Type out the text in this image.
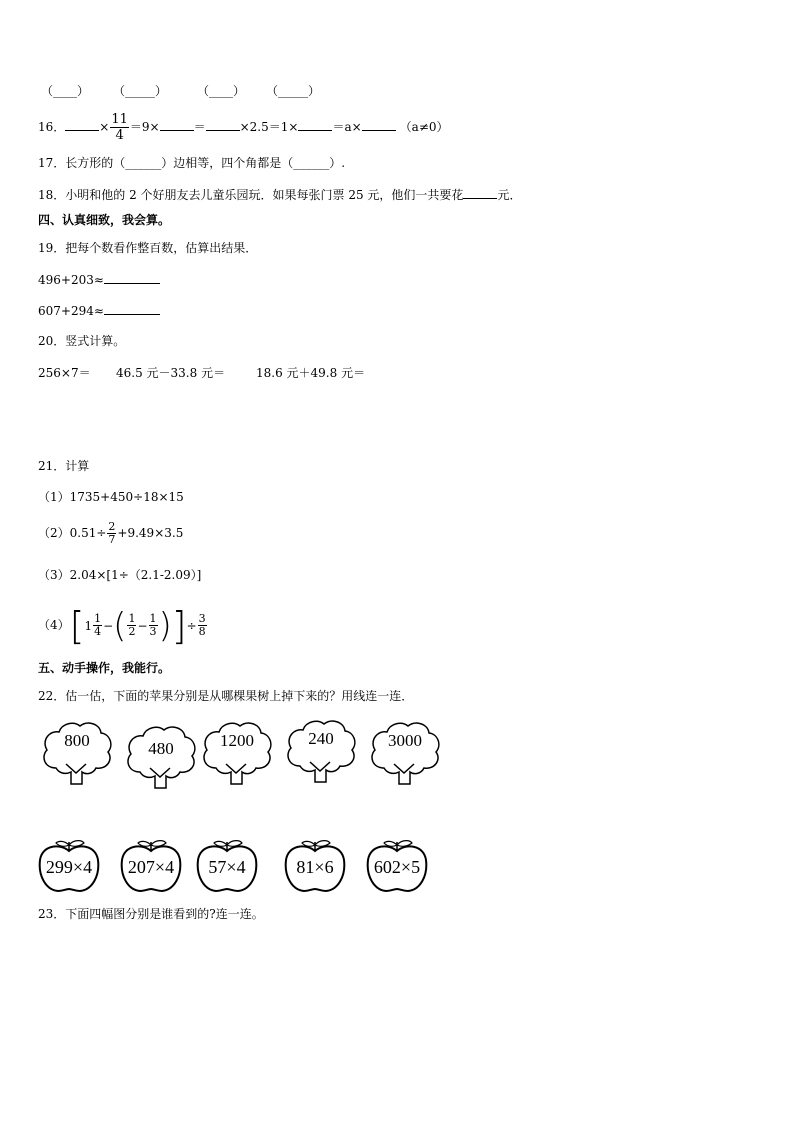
（____） （_____） （____） （_____）
16．	× $\frac{11}{4} =9\times$	＝	×2.5＝1×	＝a×	（a≠0）
17．长方形的（______）边相等，四个角都是（______）.
18．小明和他的 2 个好朋友去儿童乐园玩．如果每张门票 25 元，他们一共要花	元．
四、认真细致，我会算。
19．把每个数看作整百数，估算出结果．
496+203≈
607+294≈
20．竖式计算。
256×7＝ 46.5 元－33.8 元＝	18.6 元＋49.8 元＝
21．计算
（1）1735+450÷18×15
$(2)0.51\div \frac{2}{7} +9.49\times 3.5$
（3）2.04×[1÷（2.1-2.09）]
（4） [ $1 \frac{1}{4}$ − ( $\frac{1}{2} - \frac{1}{3}$ ) ] ÷ $\frac{3}{8}$
五、动手操作，我能行。
22．估一估，下面的苹果分别是从哪棵果树上掉下来的？用线连一连．
800	480	1200	240	3000
299×4	207×4	57×4	81×6	602×5
23．下面四幅图分别是谁看到的?连一连。
